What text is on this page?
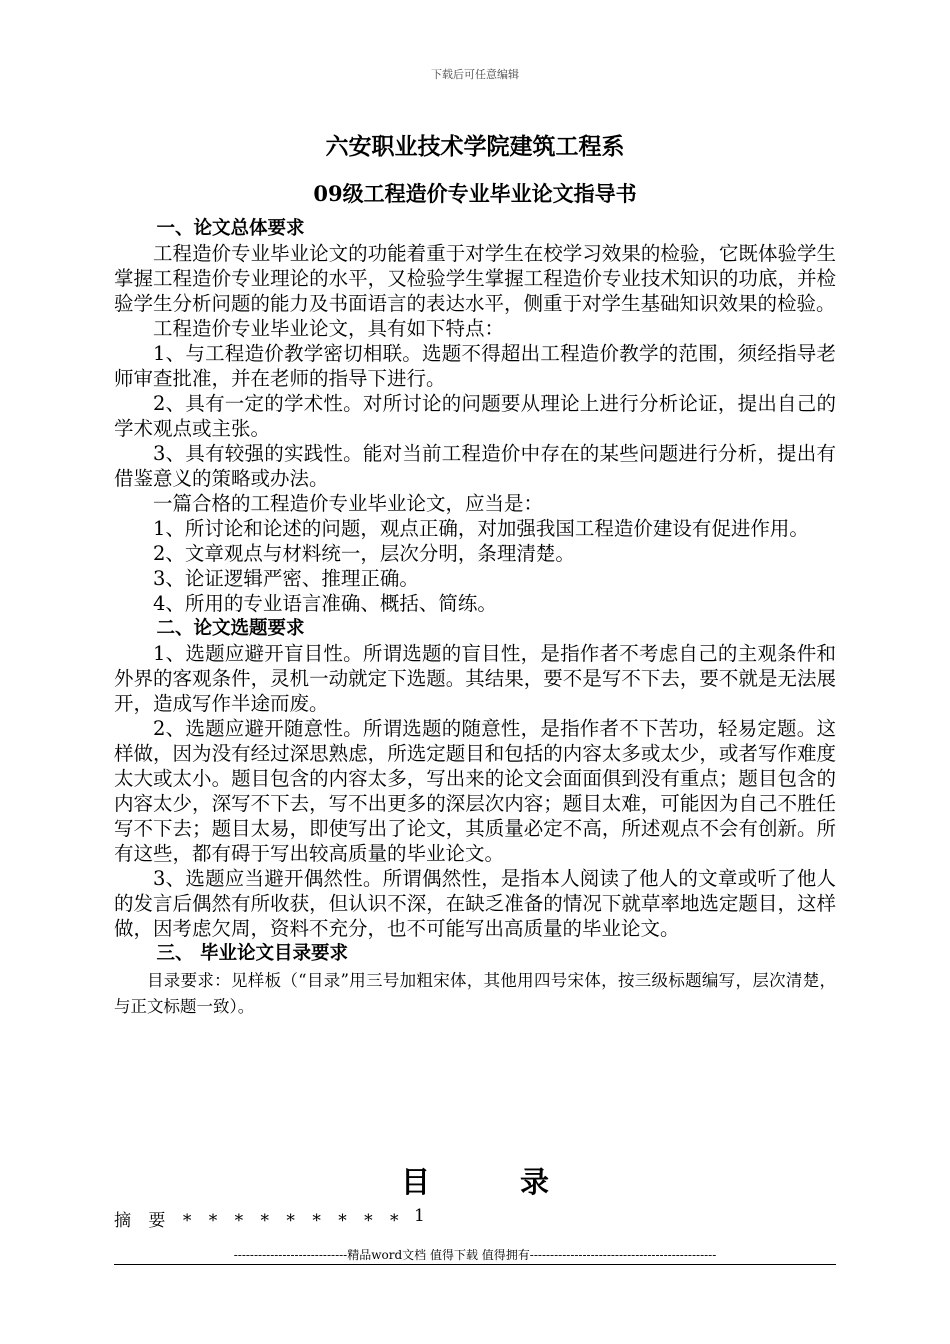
下载后可任意编辑
六安职业技术学院建筑工程系
09级工程造价专业毕业论文指导书

一、论文总体要求

工程造价专业毕业论文的功能着重于对学生在校学习效果的检验，它既体验学生掌握工程造价专业理论的水平，又检验学生掌握工程造价专业技术知识的功底，并检验学生分析问题的能力及书面语言的表达水平，侧重于对学生基础知识效果的检验。

工程造价专业毕业论文，具有如下特点：

1、与工程造价教学密切相联。选题不得超出工程造价教学的范围，须经指导老师审查批准，并在老师的指导下进行。

2、具有一定的学术性。对所讨论的问题要从理论上进行分析论证，提出自己的学术观点或主张。

3、具有较强的实践性。能对当前工程造价中存在的某些问题进行分析，提出有借鉴意义的策略或办法。

一篇合格的工程造价专业毕业论文，应当是：

1、所讨论和论述的问题，观点正确，对加强我国工程造价建设有促进作用。

2、文章观点与材料统一，层次分明，条理清楚。

3、论证逻辑严密、推理正确。

4、所用的专业语言准确、概括、简练。

二、论文选题要求

1、选题应避开盲目性。所谓选题的盲目性，是指作者不考虑自己的主观条件和外界的客观条件，灵机一动就定下选题。其结果，要不是写不下去，要不就是无法展开，造成写作半途而废。

2、选题应避开随意性。所谓选题的随意性，是指作者不下苦功，轻易定题。这样做，因为没有经过深思熟虑，所选定题目和包括的内容太多或太少，或者写作难度太大或太小。题目包含的内容太多，写出来的论文会面面俱到没有重点；题目包含的内容太少，深写不下去，写不出更多的深层次内容；题目太难，可能因为自己不胜任写不下去；题目太易，即使写出了论文，其质量必定不高，所述观点不会有创新。所有这些，都有碍于写出较高质量的毕业论文。

3、选题应当避开偶然性。所谓偶然性，是指本人阅读了他人的文章或听了他人的发言后偶然有所收获，但认识不深，在缺乏准备的情况下就草率地选定题目，这样做，因考虑欠周，资料不充分，也不可能写出高质量的毕业论文。

三、 毕业论文目录要求

目录要求：见样板（“目录”用三号加粗宋体，其他用四号宋体，按三级标题编写，层次清楚，与正文标题一致）。

目 录
摘 要 * * * * * * * * * 1
----------------------------精品word文档 值得下载 值得拥有----------------------------------------------
